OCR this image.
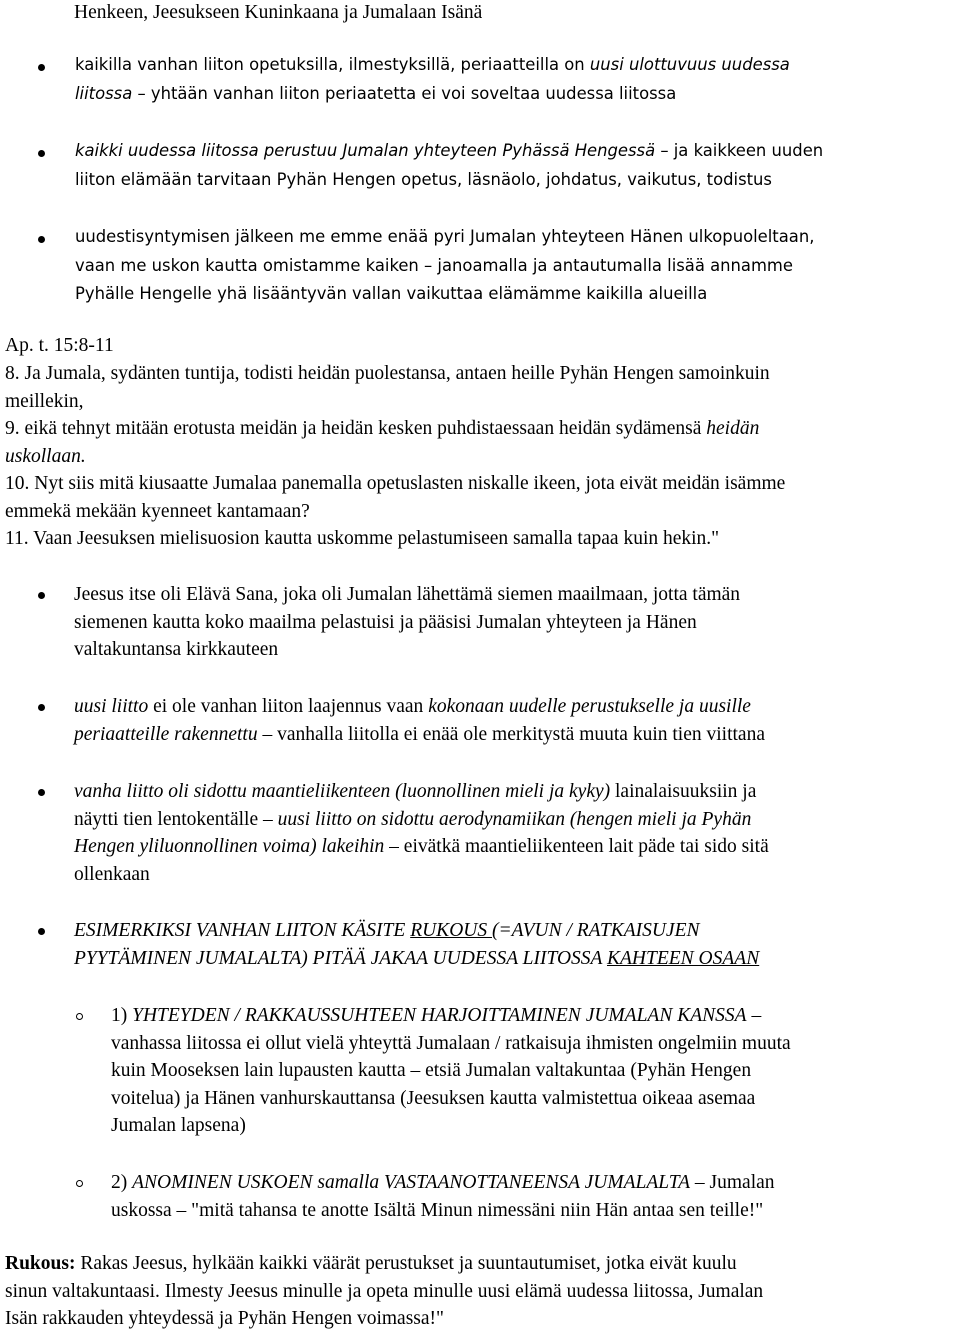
Henkeen, Jeesukseen Kuninkaana ja Jumalaan Isänä
kaikilla vanhan liiton opetuksilla, ilmestyksillä, periaatteilla on uusi ulottuvuus uudessa
liitossa – yhtään vanhan liiton periaatetta ei voi soveltaa uudessa liitossa
kaikki uudessa liitossa perustuu Jumalan yhteyteen Pyhässä Hengessä – ja kaikkeen uuden
liiton elämään tarvitaan Pyhän Hengen opetus, läsnäolo, johdatus, vaikutus, todistus
uudestisyntymisen jälkeen me emme enää pyri Jumalan yhteyteen Hänen ulkopuoleltaan,
vaan me uskon kautta omistamme kaiken – janoamalla ja antautumalla lisää annamme
Pyhälle Hengelle yhä lisääntyvän vallan vaikuttaa elämämme kaikilla alueilla
Ap. t. 15:8-11
8. Ja Jumala, sydänten tuntija, todisti heidän puolestansa, antaen heille Pyhän Hengen samoinkuin
meillekin,
9. eikä tehnyt mitään erotusta meidän ja heidän kesken puhdistaessaan heidän sydämensä heidän
uskollaan.
10. Nyt siis mitä kiusaatte Jumalaa panemalla opetuslasten niskalle ikeen, jota eivät meidän isämme
emmekä mekään kyenneet kantamaan?
11. Vaan Jeesuksen mielisuosion kautta uskomme pelastumiseen samalla tapaa kuin hekin."
Jeesus itse oli Elävä Sana, joka oli Jumalan lähettämä siemen maailmaan, jotta tämän
siemenen kautta koko maailma pelastuisi ja pääsisi Jumalan yhteyteen ja Hänen
valtakuntansa kirkkauteen
uusi liitto ei ole vanhan liiton laajennus vaan kokonaan uudelle perustukselle ja uusille
periaatteille rakennettu – vanhalla liitolla ei enää ole merkitystä muuta kuin tien viittana
vanha liitto oli sidottu maantieliikenteen (luonnollinen mieli ja kyky) lainalaisuuksiin ja
näytti tien lentokentälle – uusi liitto on sidottu aerodynamiikan (hengen mieli ja Pyhän
Hengen yliluonnollinen voima) lakeihin – eivätkä maantieliikenteen lait päde tai sido sitä
ollenkaan
ESIMERKIKSI VANHAN LIITON KÄSITE RUKOUS (=AVUN / RATKAISUJEN
PYYTÄMINEN JUMALALTA) PITÄÄ JAKAA UUDESSA LIITOSSA KAHTEEN OSAAN
1) YHTEYDEN / RAKKAUSSUHTEEN HARJOITTAMINEN JUMALAN KANSSA –
vanhassa liitossa ei ollut vielä yhteyttä Jumalaan / ratkaisuja ihmisten ongelmiin muuta
kuin Mooseksen lain lupausten kautta – etsiä Jumalan valtakuntaa (Pyhän Hengen
voitelua) ja Hänen vanhurskauttansa (Jeesuksen kautta valmistettua oikeaa asemaa
Jumalan lapsena)
2) ANOMINEN USKOEN samalla VASTAANOTTANEENSA JUMALALTA – Jumalan
uskossa – "mitä tahansa te anotte Isältä Minun nimessäni niin Hän antaa sen teille!"
Rukous: Rakas Jeesus, hylkään kaikki väärät perustukset ja suuntautumiset, jotka eivät kuulu
sinun valtakuntaasi. Ilmesty Jeesus minulle ja opeta minulle uusi elämä uudessa liitossa, Jumalan
Isän rakkauden yhteydessä ja Pyhän Hengen voimassa!"
